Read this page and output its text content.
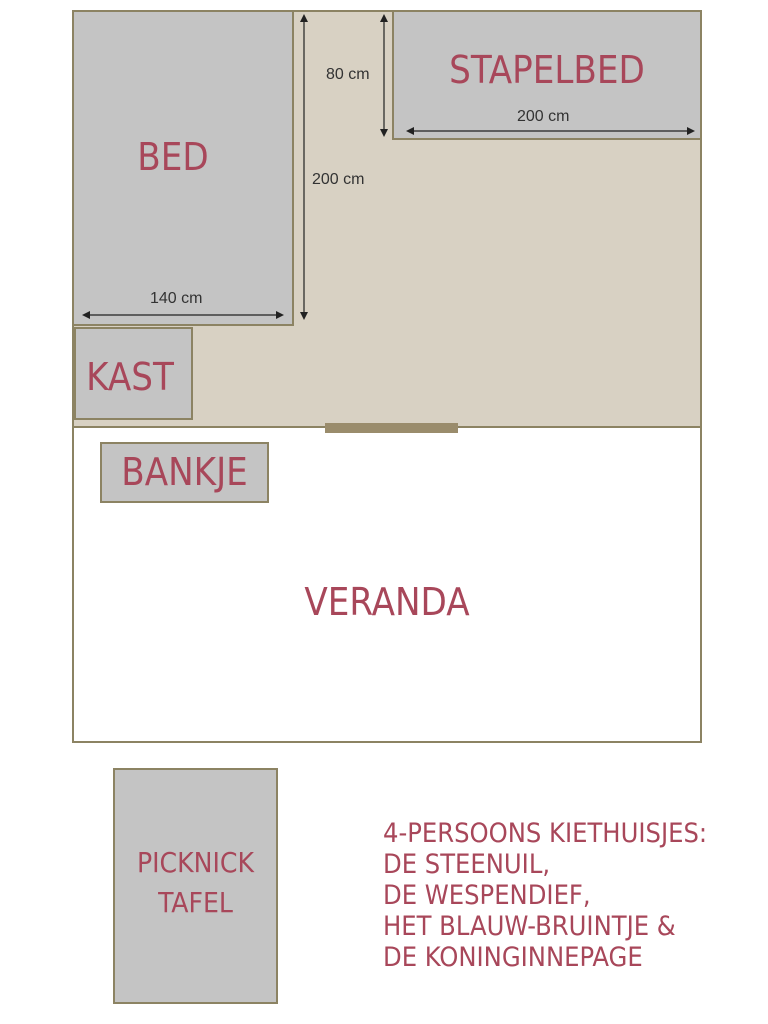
BED
STAPELBED
KAST
BANKJE
VERANDA
PICKNICK
TAFEL
140 cm
200 cm
200 cm
80 cm
4-PERSOONS KIETHUISJES:
DE STEENUIL,
DE WESPENDIEF,
HET BLAUW-BRUINTJE &
DE KONINGINNEPAGE
